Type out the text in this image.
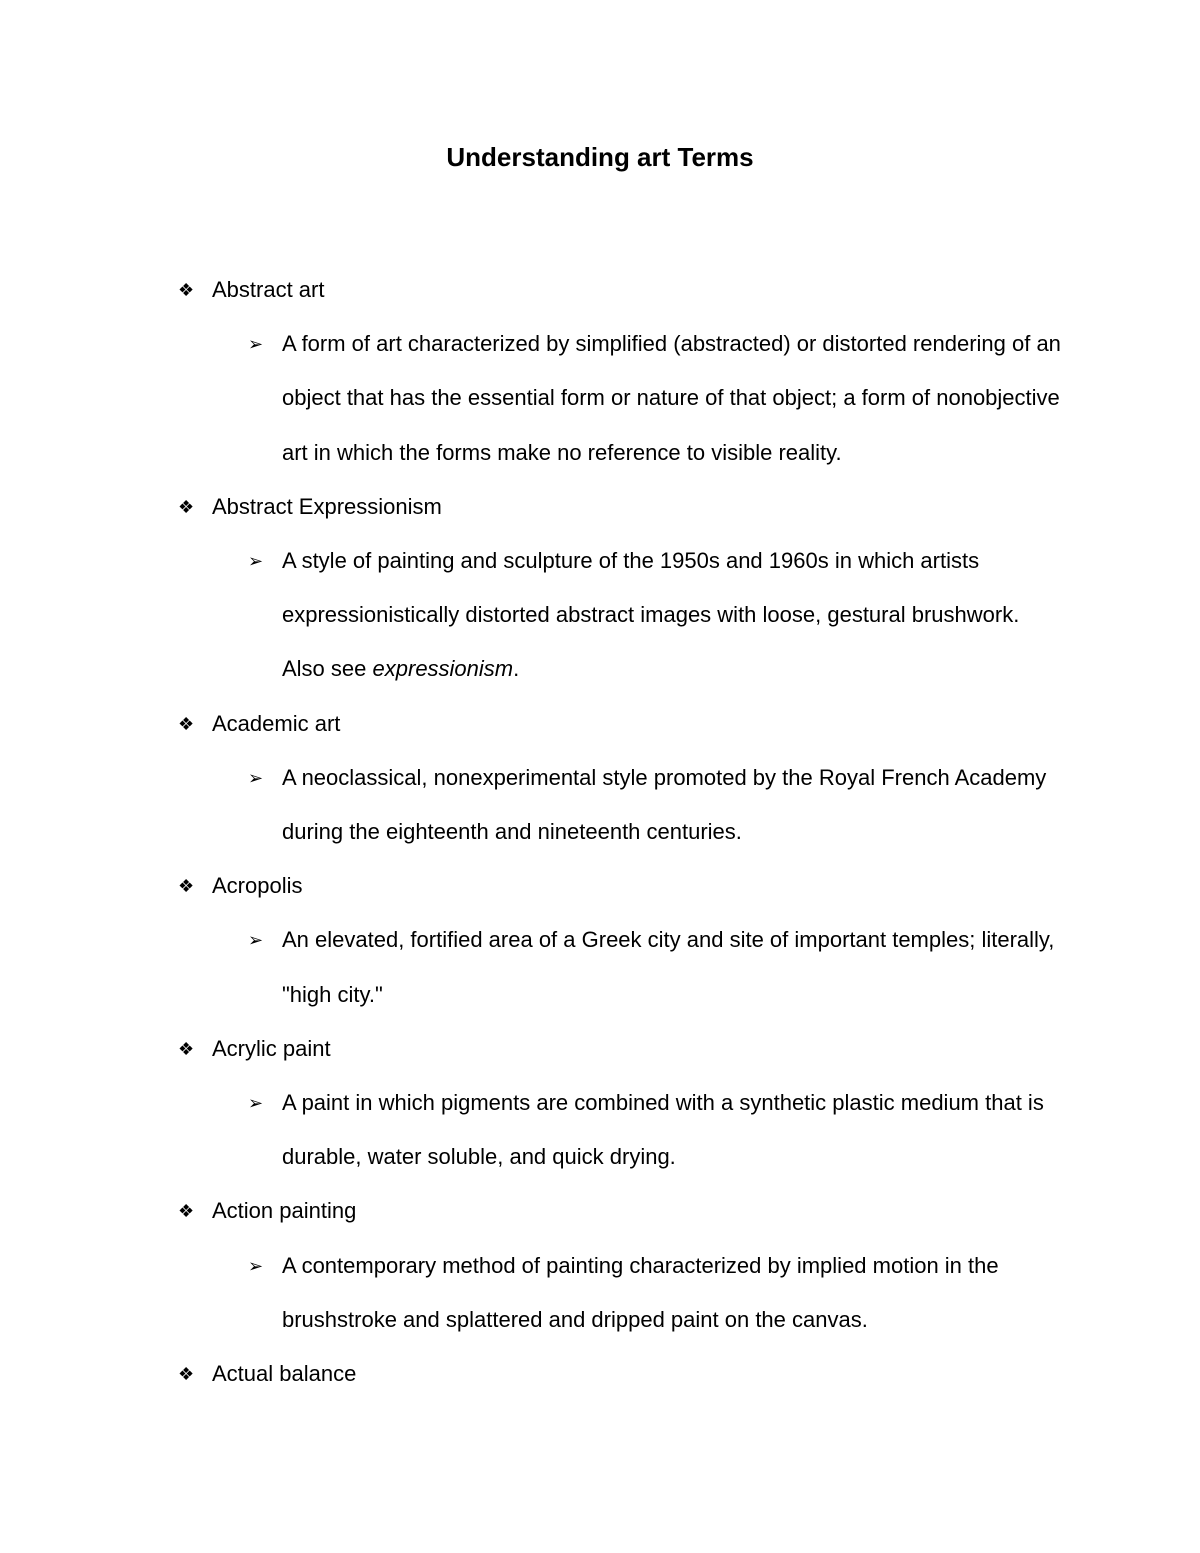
Understanding art Terms
❖ Abstract art
➢ A form of art characterized by simplified (abstracted) or distorted rendering of an object that has the essential form or nature of that object; a form of nonobjective art in which the forms make no reference to visible reality.
❖ Abstract Expressionism
➢ A style of painting and sculpture of the 1950s and 1960s in which artists expressionistically distorted abstract images with loose, gestural brushwork. Also see expressionism.
❖ Academic art
➢ A neoclassical, nonexperimental style promoted by the Royal French Academy during the eighteenth and nineteenth centuries.
❖ Acropolis
➢ An elevated, fortified area of a Greek city and site of important temples; literally, "high city."
❖ Acrylic paint
➢ A paint in which pigments are combined with a synthetic plastic medium that is durable, water soluble, and quick drying.
❖ Action painting
➢ A contemporary method of painting characterized by implied motion in the brushstroke and splattered and dripped paint on the canvas.
❖ Actual balance
